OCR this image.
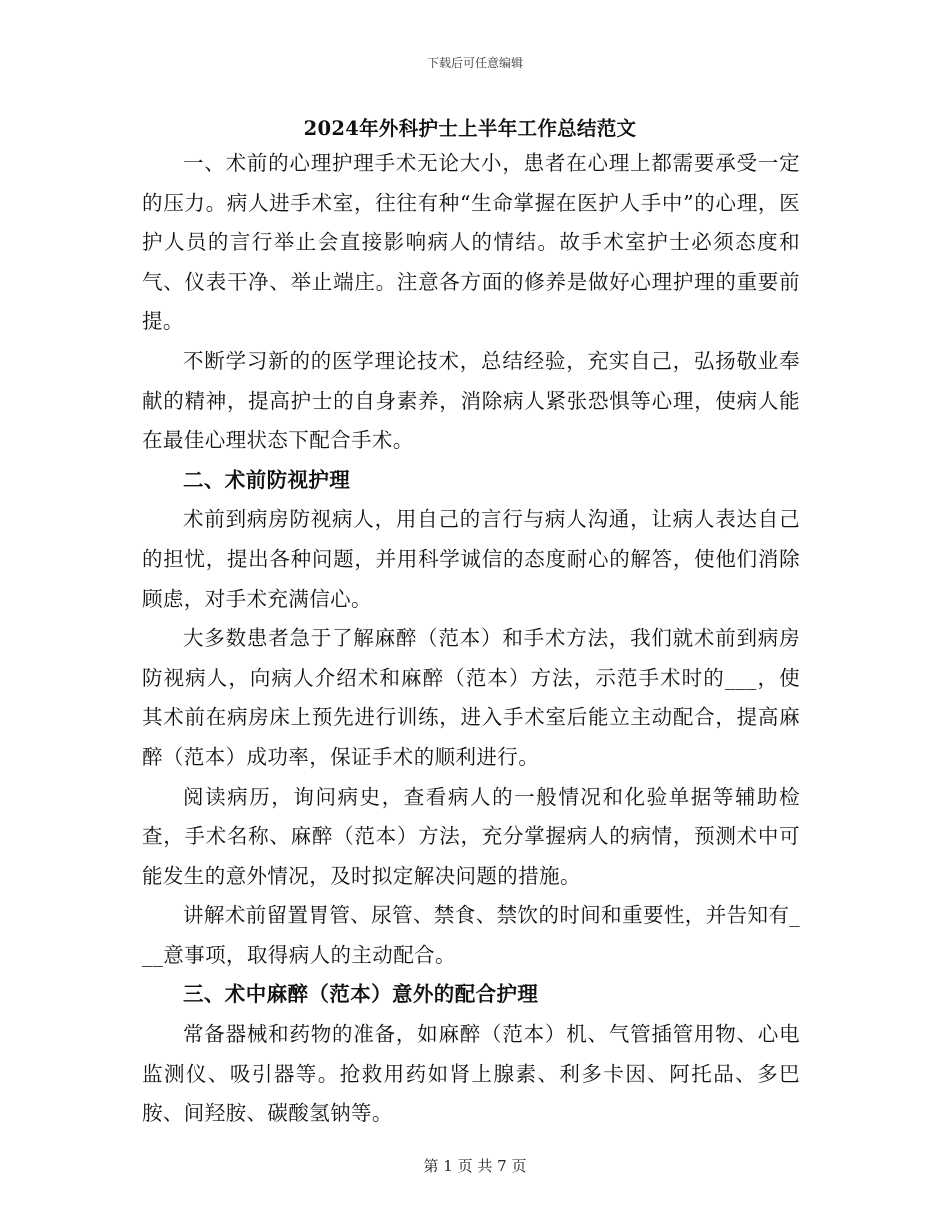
下载后可任意编辑
2024年外科护士上半年工作总结范文

一、术前的心理护理手术无论大小，患者在心理上都需要承受一定的压力。病人进手术室，往往有种“生命掌握在医护人手中”的心理，医护人员的言行举止会直接影响病人的情结。故手术室护士必须态度和气、仪表干净、举止端庄。注意各方面的修养是做好心理护理的重要前提。

不断学习新的的医学理论技术，总结经验，充实自己，弘扬敬业奉献的精神，提高护士的自身素养，消除病人紧张恐惧等心理，使病人能在最佳心理状态下配合手术。

二、术前防视护理

术前到病房防视病人，用自己的言行与病人沟通，让病人表达自己的担忧，提出各种问题，并用科学诚信的态度耐心的解答，使他们消除顾虑，对手术充满信心。

大多数患者急于了解麻醉（范本）和手术方法，我们就术前到病房防视病人，向病人介绍术和麻醉（范本）方法，示范手术时的___，使其术前在病房床上预先进行训练，进入手术室后能立主动配合，提高麻醉（范本）成功率，保证手术的顺利进行。

阅读病历，询问病史，查看病人的一般情况和化验单据等辅助检查，手术名称、麻醉（范本）方法，充分掌握病人的病情，预测术中可能发生的意外情况，及时拟定解决问题的措施。

讲解术前留置胃管、尿管、禁食、禁饮的时间和重要性，并告知有___意事项，取得病人的主动配合。

三、术中麻醉（范本）意外的配合护理

常备器械和药物的准备，如麻醉（范本）机、气管插管用物、心电监测仪、吸引器等。抢救用药如肾上腺素、利多卡因、阿托品、多巴胺、间羟胺、碳酸氢钠等。

第 1 页 共 7 页
